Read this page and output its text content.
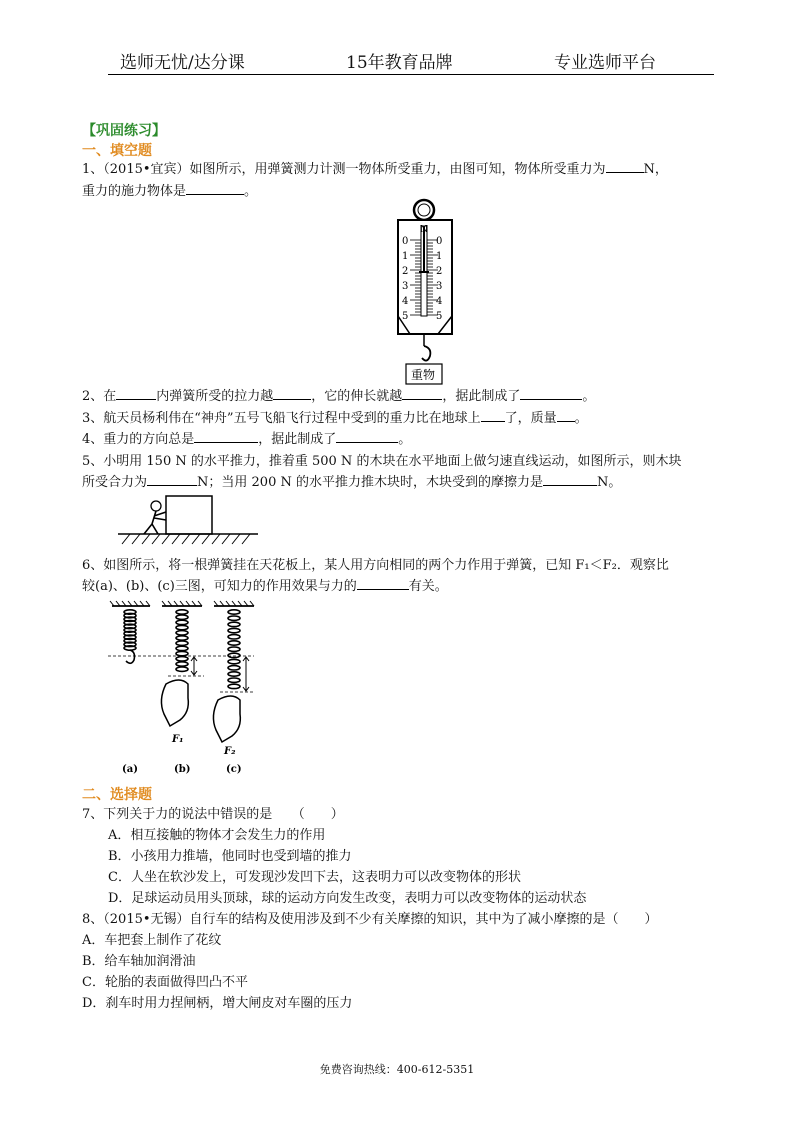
选师无忧/达分课	15年教育品牌	专业选师平台
【巩固练习】
一、填空题
1、（2015•宜宾）如图所示，用弹簧测力计测一物体所受重力，由图可知，物体所受重力为	N，
重力的施力物体是	。
N
0
1
2
3
4
5
0
1
2
3
4
5
重物
2、在	内弹簧所受的拉力越	，它的伸长就越	，据此制成了	。
3、航天员杨利伟在“神舟”五号飞船飞行过程中受到的重力比在地球上 了，质量 。
4、重力的方向总是	，据此制成了	。
5、小明用 150 N 的水平推力，推着重 500 N 的木块在水平地面上做匀速直线运动，如图所示，则木块
所受合力为	N；当用 200 N 的水平推力推木块时，木块受到的摩擦力是	N。
6、如图所示，将一根弹簧挂在天花板上，某人用方向相同的两个力作用于弹簧，已知 F₁＜F₂．观察比
较(a)、(b)、(c)三图，可知力的作用效果与力的	有关。
F₁
F₂
(a)	(b)	(c)
二、选择题
7、下列关于力的说法中错误的是　　（　　）
A．相互接触的物体才会发生力的作用
B．小孩用力推墙，他同时也受到墙的推力
C．人坐在软沙发上，可发现沙发凹下去，这表明力可以改变物体的形状
D．足球运动员用头顶球，球的运动方向发生改变，表明力可以改变物体的运动状态
8、（2015•无锡）自行车的结构及使用涉及到不少有关摩擦的知识，其中为了减小摩擦的是（　　）
A．车把套上制作了花纹
B．给车轴加润滑油
C．轮胎的表面做得凹凸不平
D．刹车时用力捏闸柄，增大闸皮对车圈的压力
免费咨询热线：400-612-5351
